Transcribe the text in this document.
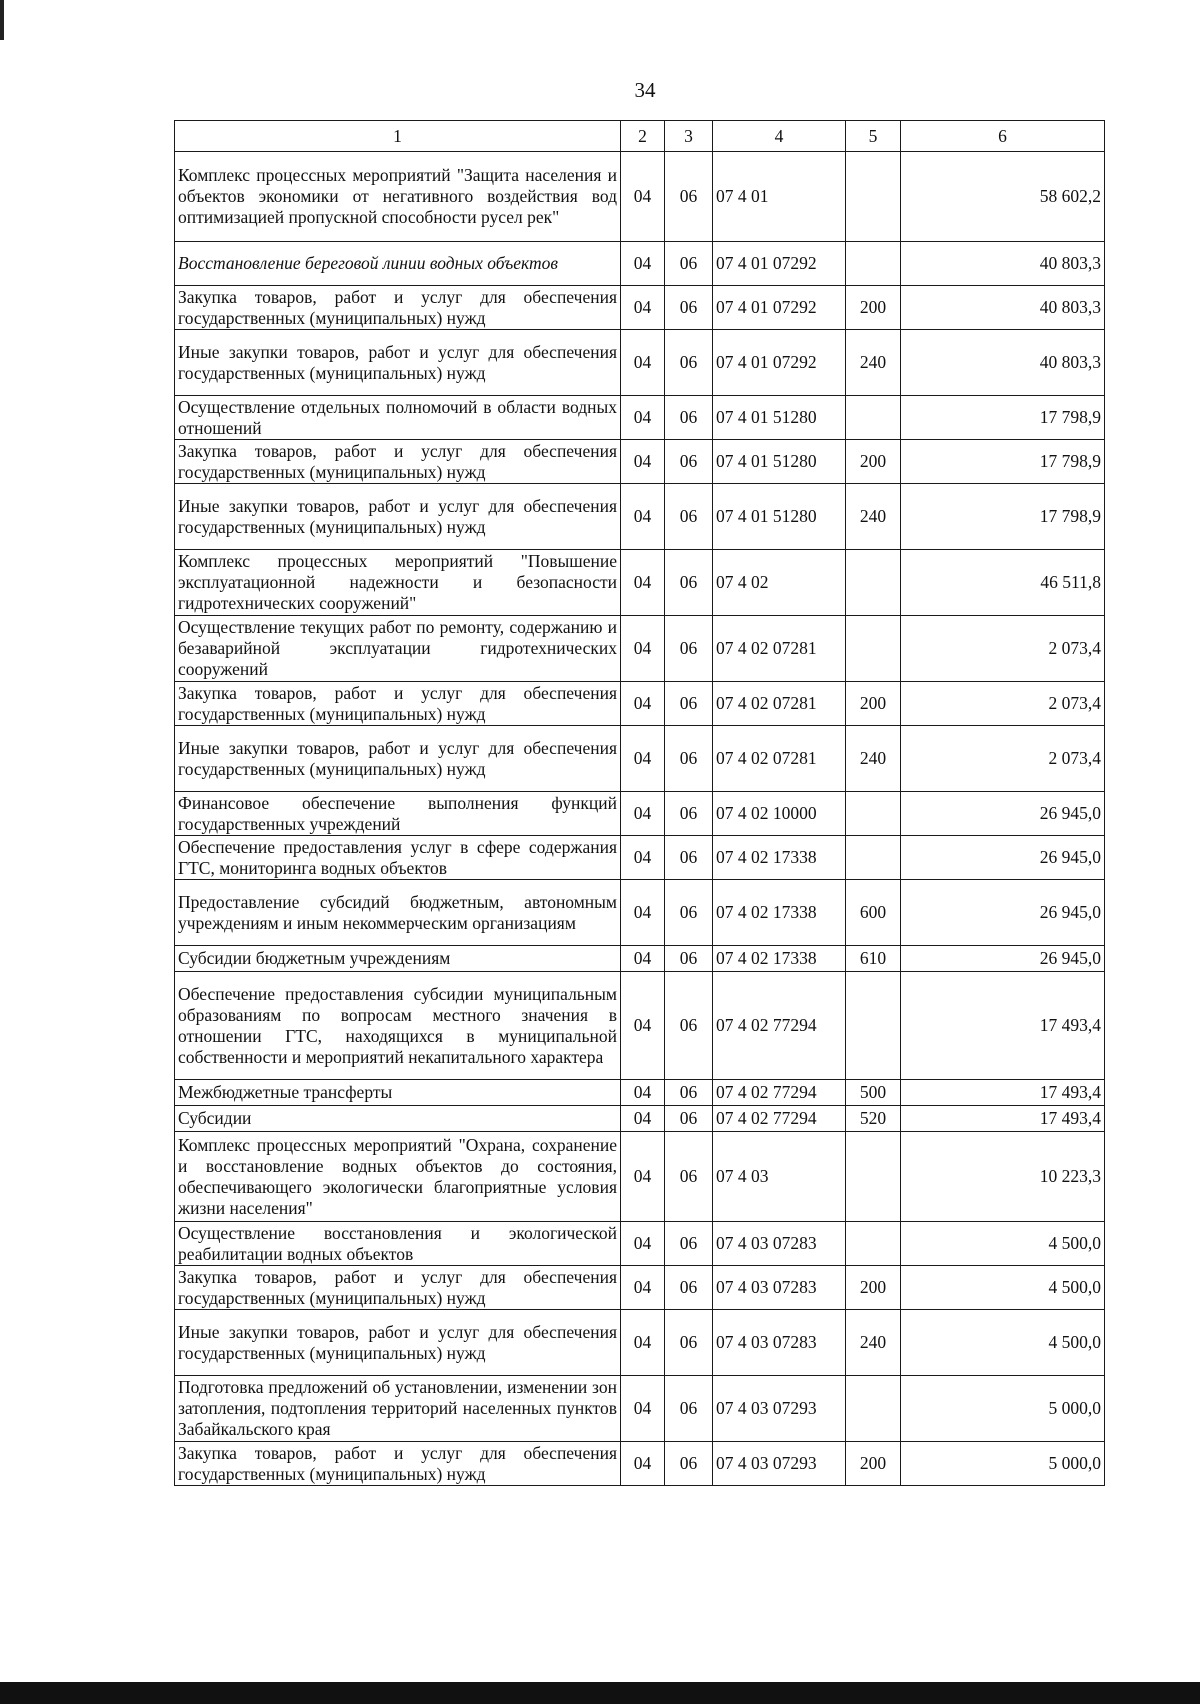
34
1	2	3	4	5	6
Комплекс процессных мероприятий "Защита населения и объектов экономики от негативного воздействия вод оптимизацией пропускной способности русел рек"	04	06	07 4 01		58 602,2
Восстановление береговой линии водных объектов	04	06	07 4 01 07292		40 803,3
Закупка товаров, работ и услуг для обеспечения государственных (муниципальных) нужд	04	06	07 4 01 07292	200	40 803,3
Иные закупки товаров, работ и услуг для обеспечения государственных (муниципальных) нужд	04	06	07 4 01 07292	240	40 803,3
Осуществление отдельных полномочий в области водных отношений	04	06	07 4 01 51280		17 798,9
Закупка товаров, работ и услуг для обеспечения государственных (муниципальных) нужд	04	06	07 4 01 51280	200	17 798,9
Иные закупки товаров, работ и услуг для обеспечения государственных (муниципальных) нужд	04	06	07 4 01 51280	240	17 798,9
Комплекс процессных мероприятий "Повышение эксплуатационной надежности и безопасности гидротехнических сооружений"	04	06	07 4 02		46 511,8
Осуществление текущих работ по ремонту, содержанию и безаварийной эксплуатации гидротехнических сооружений	04	06	07 4 02 07281		2 073,4
Закупка товаров, работ и услуг для обеспечения государственных (муниципальных) нужд	04	06	07 4 02 07281	200	2 073,4
Иные закупки товаров, работ и услуг для обеспечения государственных (муниципальных) нужд	04	06	07 4 02 07281	240	2 073,4
Финансовое обеспечение выполнения функций государственных учреждений	04	06	07 4 02 10000		26 945,0
Обеспечение предоставления услуг в сфере содержания ГТС, мониторинга водных объектов	04	06	07 4 02 17338		26 945,0
Предоставление субсидий бюджетным, автономным учреждениям и иным некоммерческим организациям	04	06	07 4 02 17338	600	26 945,0
Субсидии бюджетным учреждениям	04	06	07 4 02 17338	610	26 945,0
Обеспечение предоставления субсидии муниципальным образованиям по вопросам местного значения в отношении ГТС, находящихся в муниципальной собственности и мероприятий некапитального характера	04	06	07 4 02 77294		17 493,4
Межбюджетные трансферты	04	06	07 4 02 77294	500	17 493,4
Субсидии	04	06	07 4 02 77294	520	17 493,4
Комплекс процессных мероприятий "Охрана, сохранение и восстановление водных объектов до состояния, обеспечивающего экологически благоприятные условия жизни населения"	04	06	07 4 03		10 223,3
Осуществление восстановления и экологической реабилитации водных объектов	04	06	07 4 03 07283		4 500,0
Закупка товаров, работ и услуг для обеспечения государственных (муниципальных) нужд	04	06	07 4 03 07283	200	4 500,0
Иные закупки товаров, работ и услуг для обеспечения государственных (муниципальных) нужд	04	06	07 4 03 07283	240	4 500,0
Подготовка предложений об установлении, изменении зон затопления, подтопления территорий населенных пунктов Забайкальского края	04	06	07 4 03 07293		5 000,0
Закупка товаров, работ и услуг для обеспечения государственных (муниципальных) нужд	04	06	07 4 03 07293	200	5 000,0
